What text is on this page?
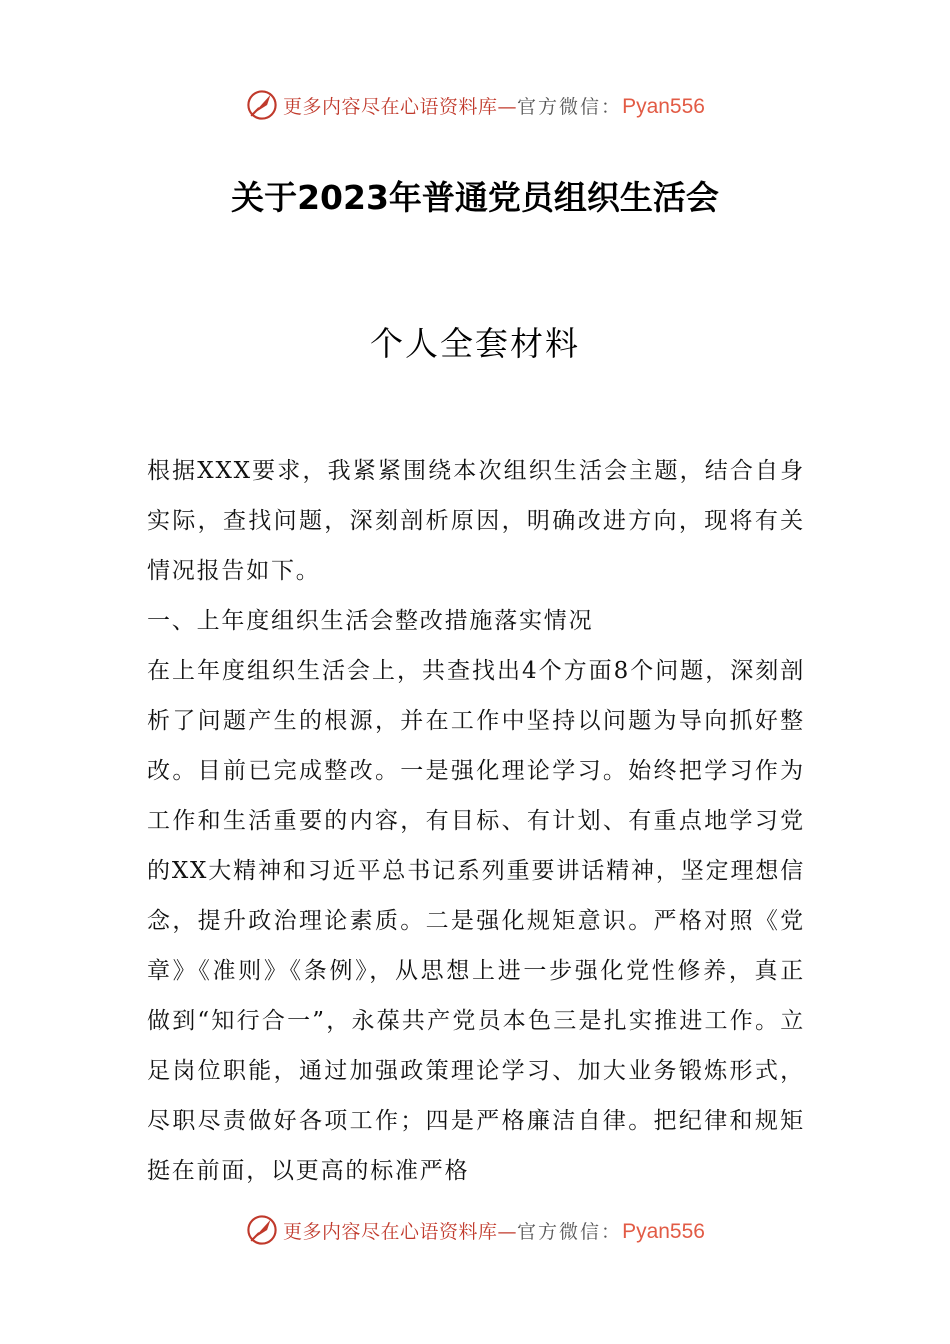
更多内容尽在心语资料库—官方微信：Pyan556
关于2023年普通党员组织生活会
个人全套材料

根据XXX要求，我紧紧围绕本次组织生活会主题，结合自身实际，查找问题，深刻剖析原因，明确改进方向，现将有关情况报告如下。

一、上年度组织生活会整改措施落实情况

在上年度组织生活会上，共查找出4个方面8个问题，深刻剖析了问题产生的根源，并在工作中坚持以问题为导向抓好整改。目前已完成整改。一是强化理论学习。始终把学习作为工作和生活重要的内容，有目标、有计划、有重点地学习党的XX大精神和习近平总书记系列重要讲话精神，坚定理想信念，提升政治理论素质。二是强化规矩意识。严格对照《党章》《准则》《条例》，从思想上进一步强化党性修养，真正做到“知行合一”，永葆共产党员本色三是扎实推进工作。立足岗位职能，通过加强政策理论学习、加大业务锻炼形式，尽职尽责做好各项工作；四是严格廉洁自律。把纪律和规矩挺在前面，以更高的标准严格

更多内容尽在心语资料库—官方微信：Pyan556
